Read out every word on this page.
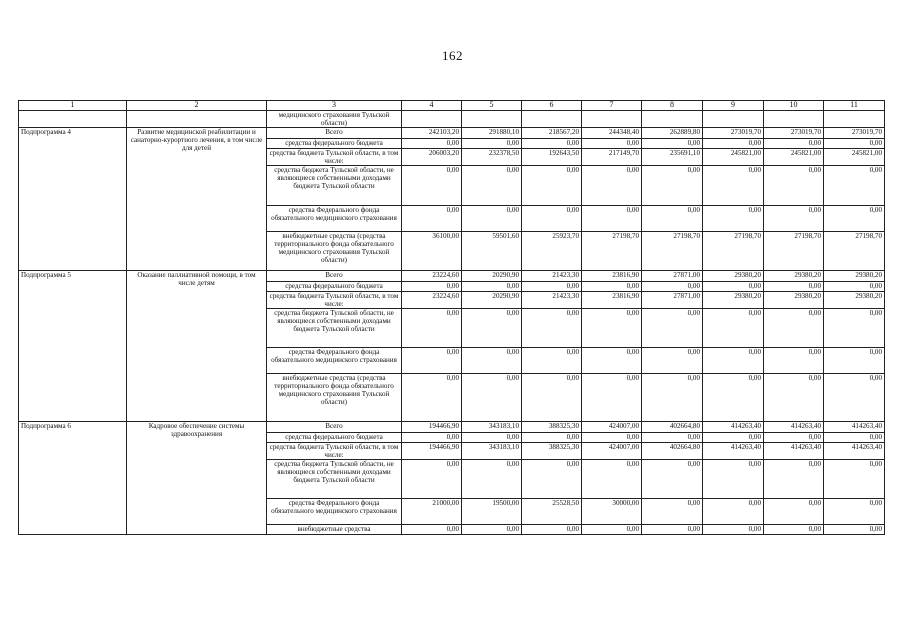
162
1	2	3	4	5	6	7	8	9	10	11
		медицинского страхования Тульской области)								
Подпрограмма 4	Развитие медицинской реабилитации и санаторно-курортного лечения, в том числе для детей	Всего	242103,20	291880,10	218567,20	244348,40	262889,80	273019,70	273019,70	273019,70
		средства федерального бюджета	0,00	0,00	0,00	0,00	0,00	0,00	0,00	0,00
		средства бюджета Тульской области, в том числе:	206003,20	232378,50	192643,50	217149,70	235691,10	245821,00	245821,00	245821,00
		средства бюджета Тульской области, не являющиеся собственными доходами бюджета Тульской области	0,00	0,00	0,00	0,00	0,00	0,00	0,00	0,00
		средства Федерального фонда обязательного медицинского страхования	0,00	0,00	0,00	0,00	0,00	0,00	0,00	0,00
		внебюджетные средства (средства территориального фонда обязательного медицинского страхования Тульской области)	36100,00	59501,60	25923,70	27198,70	27198,70	27198,70	27198,70	27198,70
Подпрограмма 5	Оказание паллиативной помощи, в том числе детям	Всего	23224,60	20290,90	21423,30	23816,90	27871,00	29380,20	29380,20	29380,20
		средства федерального бюджета	0,00	0,00	0,00	0,00	0,00	0,00	0,00	0,00
		средства бюджета Тульской области, в том числе:	23224,60	20290,90	21423,30	23816,90	27871,00	29380,20	29380,20	29380,20
		средства бюджета Тульской области, не являющиеся собственными доходами бюджета Тульской области	0,00	0,00	0,00	0,00	0,00	0,00	0,00	0,00
		средства Федерального фонда обязательного медицинского страхования	0,00	0,00	0,00	0,00	0,00	0,00	0,00	0,00
		внебюджетные средства (средства территориального фонда обязательного медицинского страхования Тульской области)	0,00	0,00	0,00	0,00	0,00	0,00	0,00	0,00
Подпрограмма 6	Кадровое обеспечение системы здравоохранения	Всего	194466,90	343183,10	388325,30	424007,00	402664,80	414263,40	414263,40	414263,40
		средства федерального бюджета	0,00	0,00	0,00	0,00	0,00	0,00	0,00	0,00
		средства бюджета Тульской области, в том числе:	194466,90	343183,10	388325,30	424007,00	402664,80	414263,40	414263,40	414263,40
		средства бюджета Тульской области, не являющиеся собственными доходами бюджета Тульской области	0,00	0,00	0,00	0,00	0,00	0,00	0,00	0,00
		средства Федерального фонда обязательного медицинского страхования	21000,00	19500,00	25528,50	30000,00	0,00	0,00	0,00	0,00
		внебюджетные средства	0,00	0,00	0,00	0,00	0,00	0,00	0,00	0,00
